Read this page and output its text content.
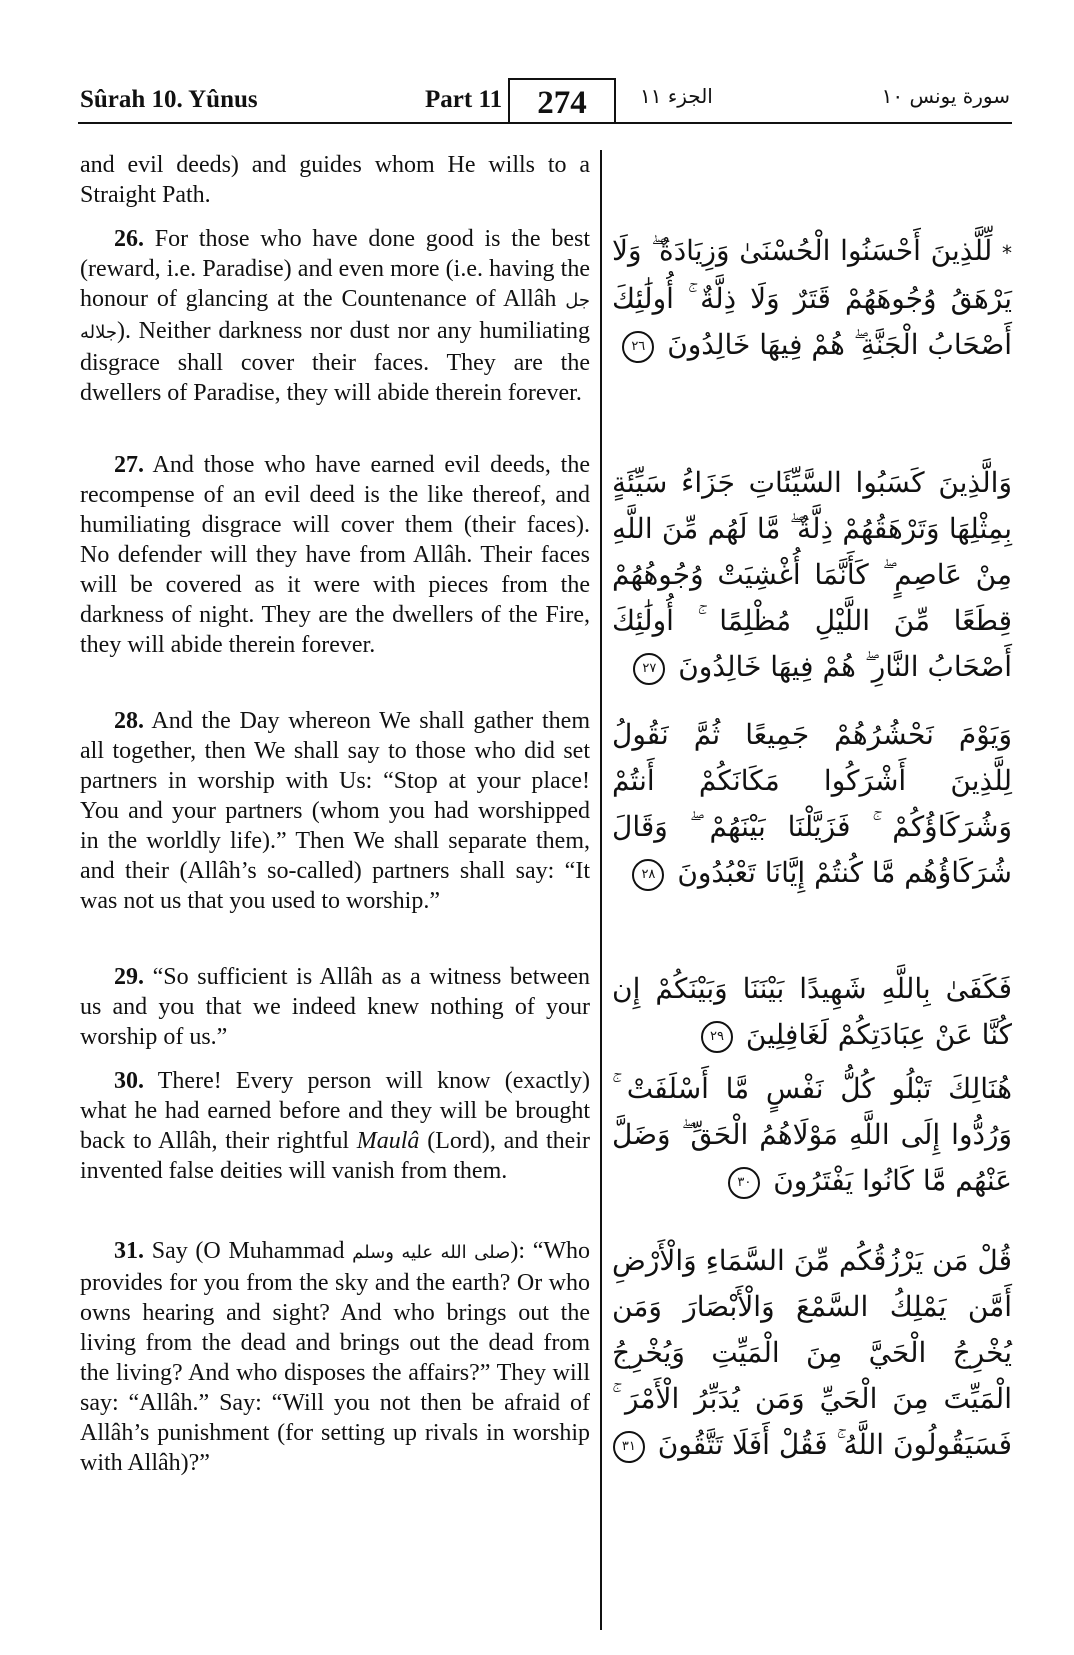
Sûrah 10. Yûnus	Part 11	274	الجزء ١١	سورة يونس ١٠
and evil deeds) and guides whom He wills to a Straight Path.
26. For those who have done good is the best (reward, i.e. Paradise) and even more (i.e. having the honour of glancing at the Countenance of Allâh جل جلاله). Neither darkness nor dust nor any humiliating disgrace shall cover their faces. They are the dwellers of Paradise, they will abide therein forever.
27. And those who have earned evil deeds, the recompense of an evil deed is the like thereof, and humiliating disgrace will cover them (their faces). No defender will they have from Allâh. Their faces will be covered as it were with pieces from the darkness of night. They are the dwellers of the Fire, they will abide therein forever.
28. And the Day whereon We shall gather them all together, then We shall say to those who did set partners in worship with Us: “Stop at your place! You and your partners (whom you had worshipped in the worldly life).” Then We shall separate them, and their (Allâh’s so-called) partners shall say: “It was not us that you used to worship.”
29. “So sufficient is Allâh as a witness between us and you that we indeed knew nothing of your worship of us.”
30. There! Every person will know (exactly) what he had earned before and they will be brought back to Allâh, their rightful Maulâ (Lord), and their invented false deities will vanish from them.
31. Say (O Muhammad صلى الله عليه وسلم): “Who provides for you from the sky and the earth? Or who owns hearing and sight? And who brings out the living from the dead and brings out the dead from the living? And who disposes the affairs?” They will say: “Allâh.” Say: “Will you not then be afraid of Allâh’s punishment (for setting up rivals in worship with Allâh)?”
* لِّلَّذِينَ أَحْسَنُوا الْحُسْنَىٰ وَزِيَادَةٌ ۖ وَلَا يَرْهَقُ وُجُوهَهُمْ قَتَرٌ وَلَا ذِلَّةٌ ۚ أُولَٰئِكَ أَصْحَابُ الْجَنَّةِ ۖ هُمْ فِيهَا خَالِدُونَ ٢٦
وَالَّذِينَ كَسَبُوا السَّيِّئَاتِ جَزَاءُ سَيِّئَةٍ بِمِثْلِهَا وَتَرْهَقُهُمْ ذِلَّةٌ ۖ مَّا لَهُم مِّنَ اللَّهِ مِنْ عَاصِمٍ ۖ كَأَنَّمَا أُغْشِيَتْ وُجُوهُهُمْ قِطَعًا مِّنَ اللَّيْلِ مُظْلِمًا ۚ أُولَٰئِكَ أَصْحَابُ النَّارِ ۖ هُمْ فِيهَا خَالِدُونَ ٢٧
وَيَوْمَ نَحْشُرُهُمْ جَمِيعًا ثُمَّ نَقُولُ لِلَّذِينَ أَشْرَكُوا مَكَانَكُمْ أَنتُمْ وَشُرَكَاؤُكُمْ ۚ فَزَيَّلْنَا بَيْنَهُمْ ۖ وَقَالَ شُرَكَاؤُهُم مَّا كُنتُمْ إِيَّانَا تَعْبُدُونَ ٢٨
فَكَفَىٰ بِاللَّهِ شَهِيدًا بَيْنَنَا وَبَيْنَكُمْ إِن كُنَّا عَنْ عِبَادَتِكُمْ لَغَافِلِينَ ٢٩
هُنَالِكَ تَبْلُو كُلُّ نَفْسٍ مَّا أَسْلَفَتْ ۚ وَرُدُّوا إِلَى اللَّهِ مَوْلَاهُمُ الْحَقِّ ۖ وَضَلَّ عَنْهُم مَّا كَانُوا يَفْتَرُونَ ٣٠
قُلْ مَن يَرْزُقُكُم مِّنَ السَّمَاءِ وَالْأَرْضِ أَمَّن يَمْلِكُ السَّمْعَ وَالْأَبْصَارَ وَمَن يُخْرِجُ الْحَيَّ مِنَ الْمَيِّتِ وَيُخْرِجُ الْمَيِّتَ مِنَ الْحَيِّ وَمَن يُدَبِّرُ الْأَمْرَ ۚ فَسَيَقُولُونَ اللَّهُ ۚ فَقُلْ أَفَلَا تَتَّقُونَ ٣١
